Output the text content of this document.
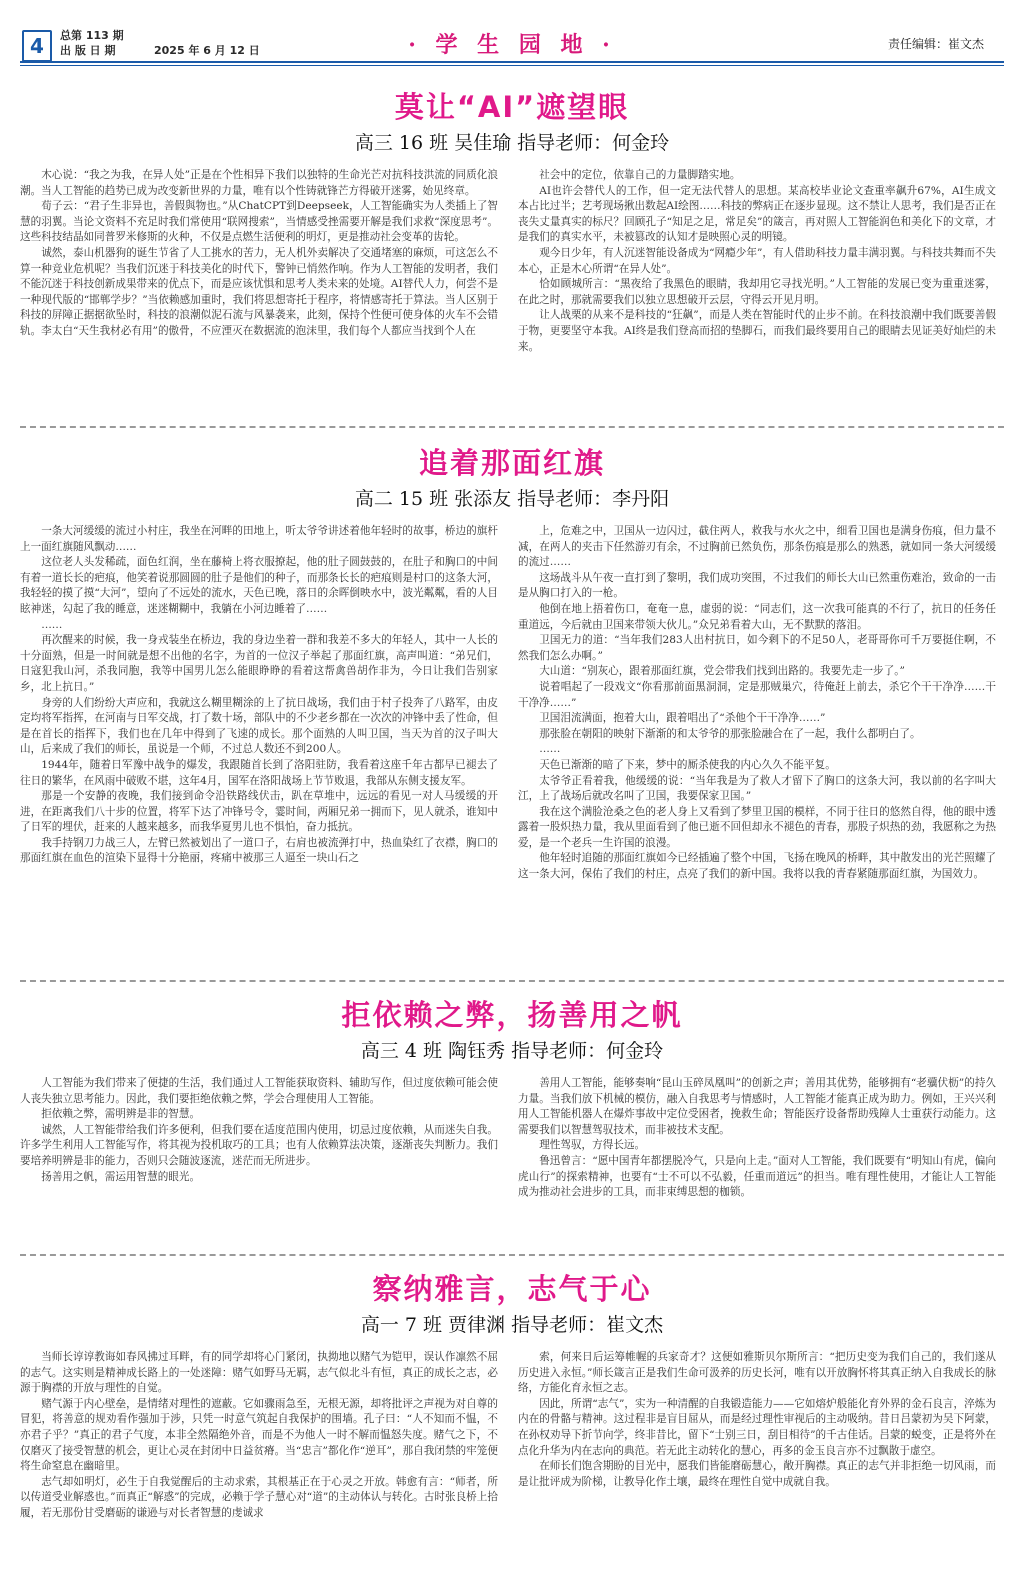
4	总第 113 期
出 版 日 期	2025 年 6 月 12 日	· 学 生 园 地 ·	责任编辑：崔文杰
莫让“AI”遮望眼
高三 16 班 吴佳瑜 指导老师：何金玲

木心说：“我之为我，在异人处”正是在个性相异下我们以独特的生命光芒对抗科技洪流的同质化浪潮。当人工智能的趋势已成为改变新世界的力量，唯有以个性铸就锋芒方得破开迷雾，始见终章。

荀子云：“君子生非异也，善假與物也。”从ChatCPT到Deepseek，人工智能确实为人类插上了智慧的羽翼。当论文资料不充足时我们常使用“联网搜索”，当情感受挫需要开解是我们求救“深度思考”。这些科技结晶如同普罗米修斯的火种，不仅是点燃生活便利的明灯，更是推动社会变革的齿轮。

诚然，泰山机器狗的诞生节省了人工挑水的苦力，无人机外卖解决了交通堵塞的麻烦，可这怎么不算一种竞业危机呢？当我们沉迷于科技美化的时代下，警钟已悄然作响。作为人工智能的发明者，我们不能沉迷于科技创新成果带来的优点下，而是应该忧惧和思考人类未来的处境。AI替代人力，何尝不是一种现代版的“邯郸学步？”当依赖感加重时，我们将思想寄托于程序，将情感寄托于算法。当人区别于科技的屏障正据据欲坠时，科技的浪潮似泥石流与风暴袭来，此刻，保持个性便可使身体的火车不会错轨。李太白“天生我材必有用”的傲骨，不应湮灭在数据流的泡沫里，我们每个人都应当找到个人在

社会中的定位，依靠自己的力量脚踏实地。

AI也许会替代人的工作，但一定无法代替人的思想。某高校毕业论文查重率飙升67%，AI生成文本占比过半；艺考现场揪出数起AI绘图……科技的弊病正在逐步显现。这不禁让人思考，我们是否正在丧失丈量真实的标尺？回顾孔子“知足之足，常足矣”的箴言，再对照人工智能润色和美化下的文章，才是我们的真实水平，未被篡改的认知才是映照心灵的明镜。

观今日少年，有人沉迷智能设备成为“网瘾少年”，有人借助科技力量丰满羽翼。与科技共舞而不失本心，正是木心所谓“在异人处”。

恰如顾城所言：“黑夜给了我黑色的眼睛，我却用它寻找光明。”人工智能的发展已变为重重迷雾，在此之时，那就需要我们以独立思想破开云层，守得云开见月明。

让人战栗的从来不是科技的“狂飙”，而是人类在智能时代的止步不前。在科技浪潮中我们既要善假于物，更要坚守本我。AI终是我们登高而招的垫脚石，而我们最终要用自己的眼睛去见证美好灿烂的未来。

追着那面红旗
高二 15 班 张添友 指导老师：李丹阳

一条大河缓缓的流过小村庄，我坐在河畔的田地上，听太爷爷讲述着他年轻时的故事，桥边的旗杆上一面红旗随风飘动……

这位老人头发稀疏，面色红润，坐在藤椅上将衣服撩起，他的肚子圆鼓鼓的，在肚子和胸口的中间有着一道长长的疤痕，他笑着说那圆圆的肚子是他们的种子，而那条长长的疤痕则是村口的这条大河，我轻轻的摸了摸“大河”，望向了不远处的流水，天色已晚，落日的余晖倒映水中，波光粼粼，看的人目眩神迷，勾起了我的睡意，迷迷糊糊中，我躺在小河边睡着了……

……

再次醒来的时候，我一身戎装坐在桥边，我的身边坐着一群和我差不多大的年轻人，其中一人长的十分面熟，但是一时间就是想不出他的名字，为首的一位汉子举起了那面红旗，高声叫道：“弟兄们，日寇犯我山河，杀我同胞，我等中国男儿怎么能眼睁睁的看着这帮禽兽胡作非为，今日让我们告别家乡，北上抗日。”

身旁的人们纷纷大声应和，我就这么糊里糊涂的上了抗日战场，我们由于村子投奔了八路军，由皮定均将军指挥，在河南与日军交战，打了数十场，部队中的不少老乡都在一次次的冲锋中丢了性命，但是在首长的指挥下，我们也在几年中得到了飞速的成长。那个面熟的人叫卫国，当天为首的汉子叫大山，后来成了我们的师长，虽说是一个师，不过总人数还不到200人。

1944年，随着日军豫中战争的爆发，我跟随首长到了洛阳驻防，我看着这座千年古都早已褪去了往日的繁华，在风雨中破败不堪，这年4月，国军在洛阳战场上节节败退，我部从东侧支援友军。

那是一个安静的夜晚，我们接到命令沿铁路线伏击，趴在草堆中，远远的看见一对人马缓缓的开进，在距离我们八十步的位置，将军下达了冲锋号令，霎时间，两厢兄弟一拥而下，见人就杀，谁知中了日军的埋伏，赶来的人越来越多，而我华夏男儿也不惧怕，奋力抵抗。

我手持钢刀力战三人，左臂已然被划出了一道口子，右肩也被流弹打中，热血染红了衣襟，胸口的那面红旗在血色的渲染下显得十分艳丽，疼痛中被那三人逼至一块山石之

上，危难之中，卫国从一边闪过，截住两人，救我与水火之中，细看卫国也是满身伤痕，但力量不减，在两人的夹击下任然游刃有余，不过胸前已然负伤，那条伤痕是那么的熟悉，就如同一条大河缓缓的流过……

这场战斗从午夜一直打到了黎明，我们成功突围，不过我们的师长大山已然重伤难治，致命的一击是从胸口打入的一枪。

他倒在地上捂着伤口，奄奄一息，虚弱的说：“同志们，这一次我可能真的不行了，抗日的任务任重道远，今后就由卫国来带领大伙儿。”众兄弟看着大山，无不默默的落泪。

卫国无力的道：“当年我们283人出村抗日，如今剩下的不足50人，老哥哥你可千万要挺住啊，不然我们怎么办啊。”

大山道：“别灰心，跟着那面红旗，党会带我们找到出路的。我要先走一步了。”

说着唱起了一段戏文“你看那前面黑洞洞，定是那贼巢穴，待俺赶上前去，杀它个干干净净……干干净净……”

卫国泪流满面，抱着大山，跟着唱出了“杀他个干干净净……”

那张脸在朝阳的映射下渐渐的和太爷爷的那张脸融合在了一起，我什么都明白了。

……

天色已渐渐的暗了下来，梦中的厮杀使我的内心久久不能平复。

太爷爷正看着我，他缓缓的说：“当年我是为了救人才留下了胸口的这条大河，我以前的名字叫大江，上了战场后就改名叫了卫国，我要保家卫国。”

我在这个满脸沧桑之色的老人身上又看到了梦里卫国的模样，不同于往日的悠然自得，他的眼中透露着一股炽热力量，我从里面看到了他已逝不回但却永不褪色的青春，那股子炽热的劲，我愿称之为热爱，是一个老兵一生许国的浪漫。

他年轻时追随的那面红旗如今已经插遍了整个中国，飞扬在晚风的桥畔，其中散发出的光芒照耀了这一条大河，保佑了我们的村庄，点亮了我们的新中国。我将以我的青春紧随那面红旗，为国效力。

拒依赖之弊，扬善用之帆
高三 4 班 陶钰秀 指导老师：何金玲

人工智能为我们带来了便捷的生活，我们通过人工智能获取资料、辅助写作，但过度依赖可能会使人丧失独立思考能力。因此，我们要拒绝依赖之弊，学会合理使用人工智能。

拒依赖之弊，需明辨是非的智慧。

诚然，人工智能带给我们许多便利，但我们要在适度范围内使用，切忌过度依赖，从而迷失自我。许多学生利用人工智能写作，将其视为投机取巧的工具；也有人依赖算法决策，逐渐丧失判断力。我们要培养明辨是非的能力，否则只会随波逐流，迷茫而无所进步。

扬善用之帆，需运用智慧的眼光。

善用人工智能，能够奏响“昆山玉碎凤凰叫”的创新之声；善用其优势，能够拥有“老骥伏枥”的持久力量。当我们放下机械的模仿，融入自我思考与情感时，人工智能才能真正成为助力。例如，王兴兴利用人工智能机器人在爆炸事故中定位受困者，挽救生命；智能医疗设备帮助残障人士重获行动能力。这需要我们以智慧驾驭技术，而非被技术支配。

理性驾驭，方得长远。

鲁迅曾言：“愿中国青年都摆脱冷气，只是向上走。”面对人工智能，我们既要有“明知山有虎，偏向虎山行”的探索精神，也要有“士不可以不弘毅，任重而道远”的担当。唯有理性使用，才能让人工智能成为推动社会进步的工具，而非束缚思想的枷锁。

察纳雅言，志气于心
高一 7 班 贾律渊 指导老师：崔文杰

当师长谆谆教诲如春风拂过耳畔，有的同学却将心门紧闭，执拗地以赌气为铠甲，误认作凛然不屈的志气。这实则是精神成长路上的一处迷障：赌气如野马无羁，志气似北斗有恒，真正的成长之志，必源于胸襟的开放与理性的自觉。

赌气源于内心壁垒，是情绪对理性的遮蔽。它如骤雨急至，无根无源，却将批评之声视为对自尊的冒犯，将善意的规劝看作强加于涉，只凭一时意气筑起自我保护的围墙。孔子曰：“人不知而不愠，不亦君子乎？”真正的君子气度，本非全然隔绝外音，而是不为他人一时不解而愠怒失度。赌气之下，不仅磨灭了接受智慧的机会，更让心灵在封闭中日益贫瘠。当“忠言”都化作“逆耳”，那自我闭禁的牢笼便将生命窒息在幽暗里。

志气却如明灯，必生于自我觉醒后的主动求索，其根基正在于心灵之开放。韩愈有言：“师者，所以传道受业解惑也。”而真正“解惑”的完成，必赖于学子慧心对“道”的主动体认与转化。古时张良桥上拾履，若无那份甘受磨砺的谦逊与对长者智慧的虔诚求

索，何来日后运筹帷幄的兵家奇才？这便如雅斯贝尔斯所言：“把历史变为我们自己的，我们遂从历史进入永恒。”师长箴言正是我们生命可汲养的历史长河，唯有以开放胸怀将其真正纳入自我成长的脉络，方能化育永恒之志。

因此，所谓“志气”，实为一种清醒的自我锻造能力——它如熔炉般能化育外界的金石良言，淬炼为内在的骨骼与精神。这过程非是盲目屈从，而是经过理性审视后的主动吸纳。昔日吕蒙初为吴下阿蒙，在孙权劝导下折节向学，终非昔比，留下“士别三日，刮目相待”的千古佳话。吕蒙的蜕变，正是将外在点化升华为内在志向的典范。若无此主动转化的慧心，再多的金玉良言亦不过飘散于虚空。

在师长们饱含期盼的目光中，愿我们皆能磨砺慧心，敞开胸襟。真正的志气并非拒绝一切风雨，而是让批评成为阶梯，让教导化作土壤，最终在理性自觉中成就自我。
